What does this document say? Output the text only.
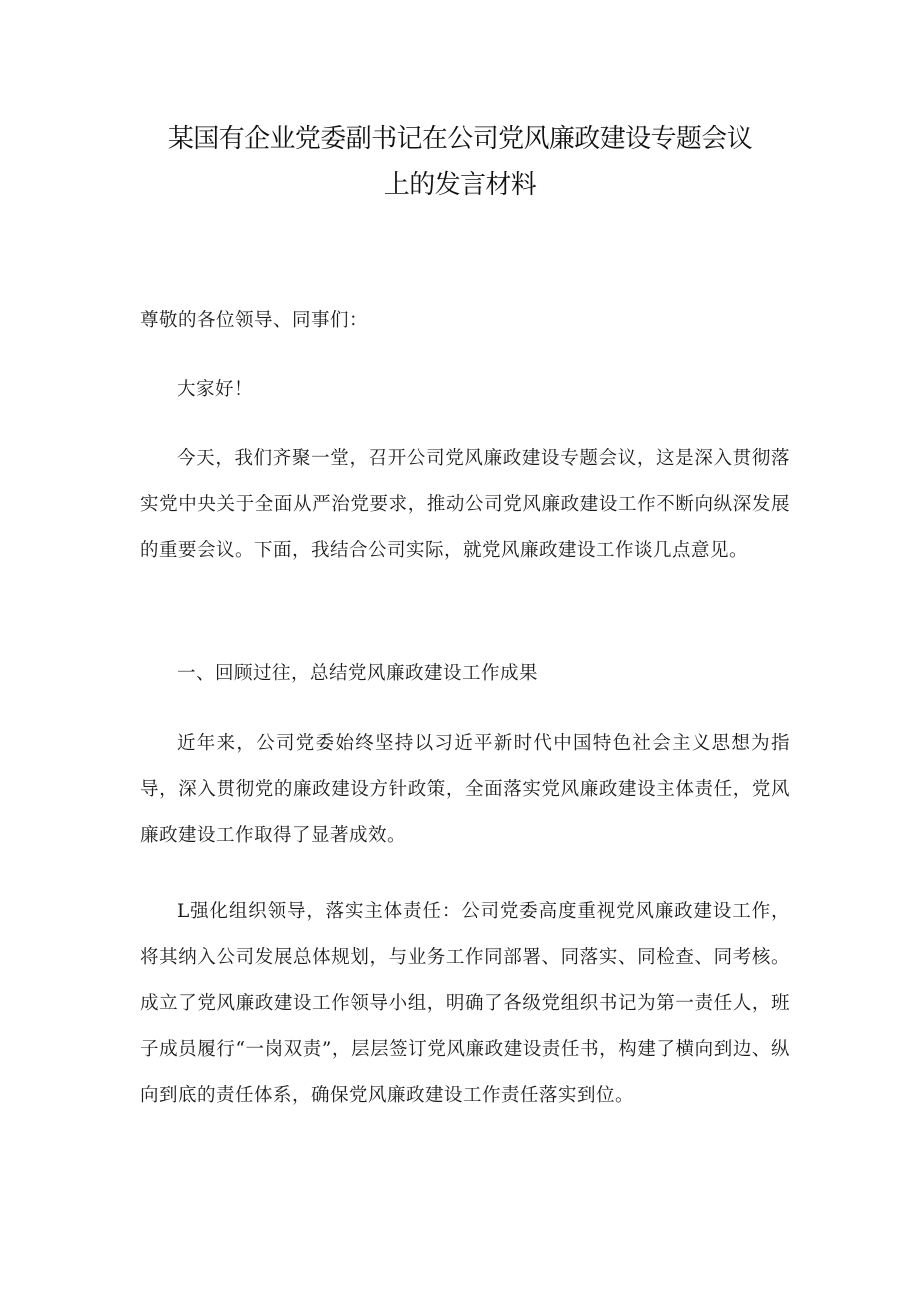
某国有企业党委副书记在公司党风廉政建设专题会议
上的发言材料
尊敬的各位领导、同事们：
大家好！
今天，我们齐聚一堂，召开公司党风廉政建设专题会议，这是深入贯彻落实党中央关于全面从严治党要求，推动公司党风廉政建设工作不断向纵深发展的重要会议。下面，我结合公司实际，就党风廉政建设工作谈几点意见。
一、回顾过往，总结党风廉政建设工作成果
近年来，公司党委始终坚持以习近平新时代中国特色社会主义思想为指导，深入贯彻党的廉政建设方针政策，全面落实党风廉政建设主体责任，党风廉政建设工作取得了显著成效。
L强化组织领导，落实主体责任：公司党委高度重视党风廉政建设工作，将其纳入公司发展总体规划，与业务工作同部署、同落实、同检查、同考核。成立了党风廉政建设工作领导小组，明确了各级党组织书记为第一责任人，班子成员履行“一岗双责”，层层签订党风廉政建设责任书，构建了横向到边、纵向到底的责任体系，确保党风廉政建设工作责任落实到位。
